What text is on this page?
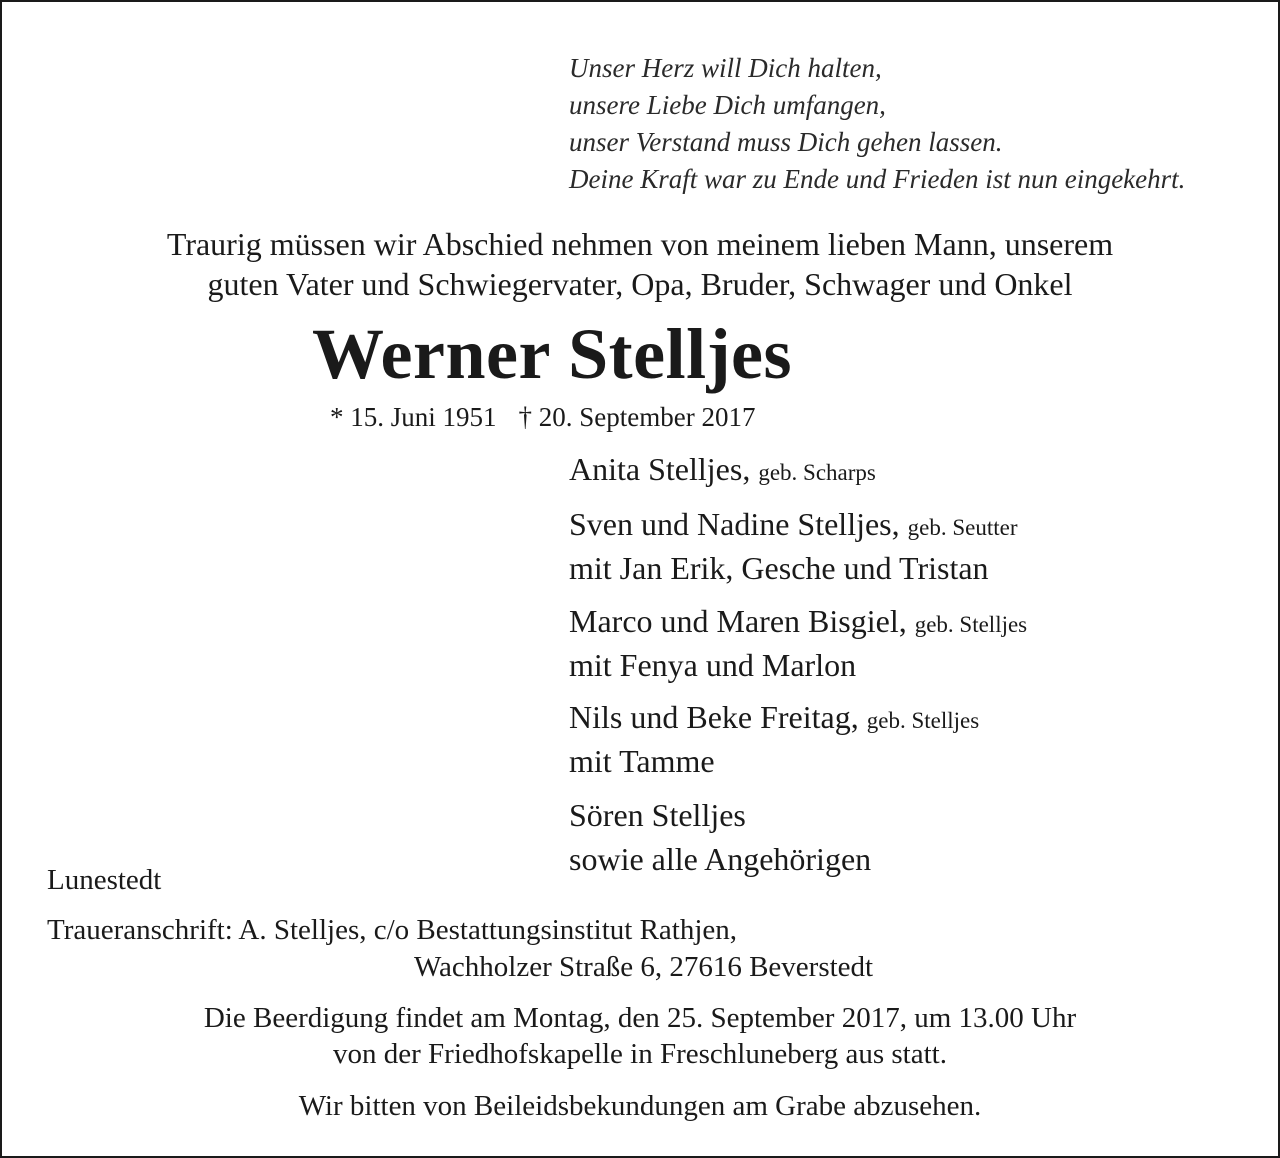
Unser Herz will Dich halten,
unsere Liebe Dich umfangen,
unser Verstand muss Dich gehen lassen.
Deine Kraft war zu Ende und Frieden ist nun eingekehrt.
Traurig müssen wir Abschied nehmen von meinem lieben Mann, unserem
guten Vater und Schwiegervater, Opa, Bruder, Schwager und Onkel
Werner Stelljes
* 15. Juni 1951 † 20. September 2017
Anita Stelljes, geb. Scharps
Sven und Nadine Stelljes, geb. Seutter
mit Jan Erik, Gesche und Tristan
Marco und Maren Bisgiel, geb. Stelljes
mit Fenya und Marlon
Nils und Beke Freitag, geb. Stelljes
mit Tamme
Sören Stelljes
sowie alle Angehörigen
Lunestedt
Traueranschrift: A. Stelljes, c/o Bestattungsinstitut Rathjen,
Wachholzer Straße 6, 27616 Beverstedt
Die Beerdigung findet am Montag, den 25. September 2017, um 13.00 Uhr
von der Friedhofskapelle in Freschluneberg aus statt.
Wir bitten von Beileidsbekundungen am Grabe abzusehen.
